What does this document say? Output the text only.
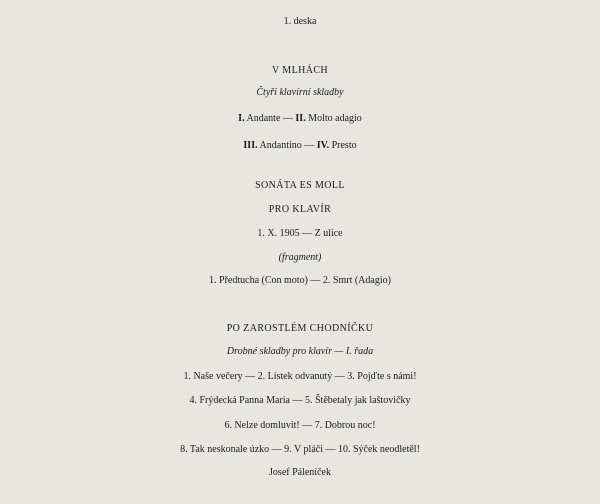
1. deska
V MLHÁCH
Čtyři klavírní skladby
I. Andante — II. Molto adagio
III. Andantino — IV. Presto
SONÁTA ES MOLL
PRO KLAVÍR
1. X. 1905 — Z ulice
(fragment)
1. Předtucha (Con moto) — 2. Smrt (Adagio)
PO ZAROSTLÉM CHODNÍČKU
Drobné skladby pro klavír — I. řada
1. Naše večery — 2. Lístek odvanutý — 3. Pojďte s námi!
4. Frýdecká Panna Maria — 5. Štěbetaly jak laštovičky
6. Nelze domluvit! — 7. Dobrou noc!
8. Tak neskonale úzko — 9. V pláči — 10. Sýček neodletěl!
Josef Páleníček
